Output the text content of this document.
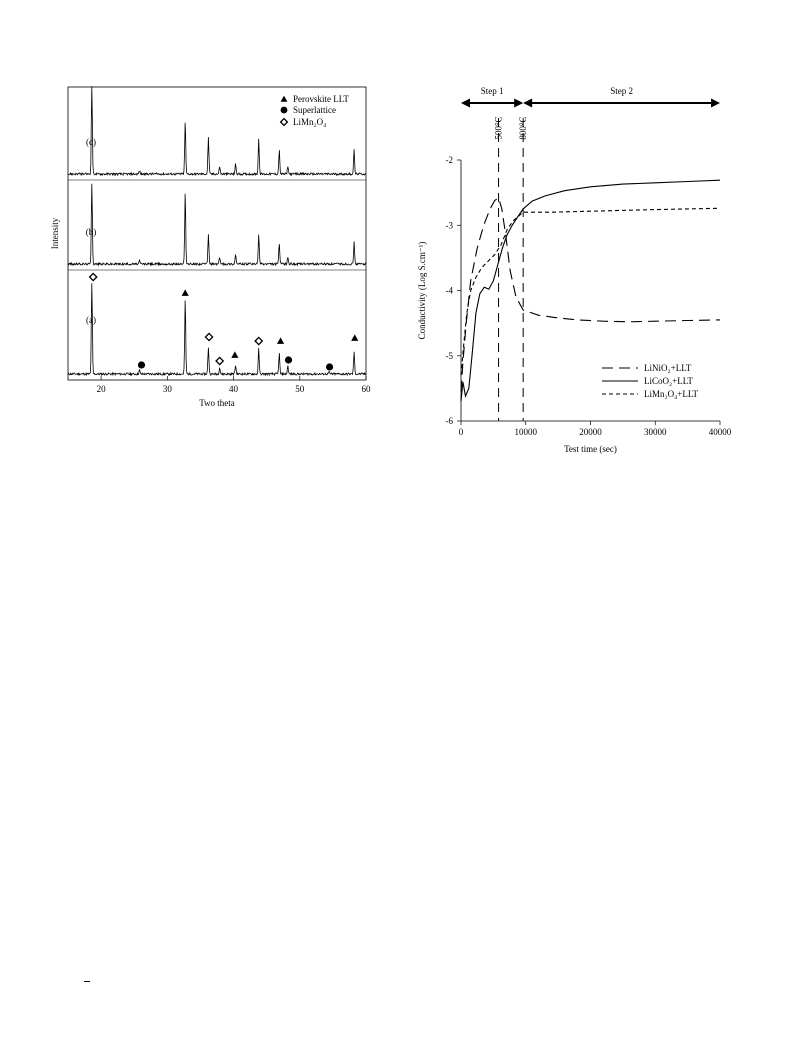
20	30	40	50	60
Two theta
Intensity
(a)
(b)
(c)
Perovskite LLT
Superlattice
LiMn₂O₄
0	10000	20000	30000	40000
-2
-3
-4
-5
-6
Test time (sec)
Conductivity (Log S.cm⁻¹)
500°C 800°C
Step 1	Step 2
LiNiO₂+LLT
LiCoO₂+LLT
LiMn₂O₄+LLT
